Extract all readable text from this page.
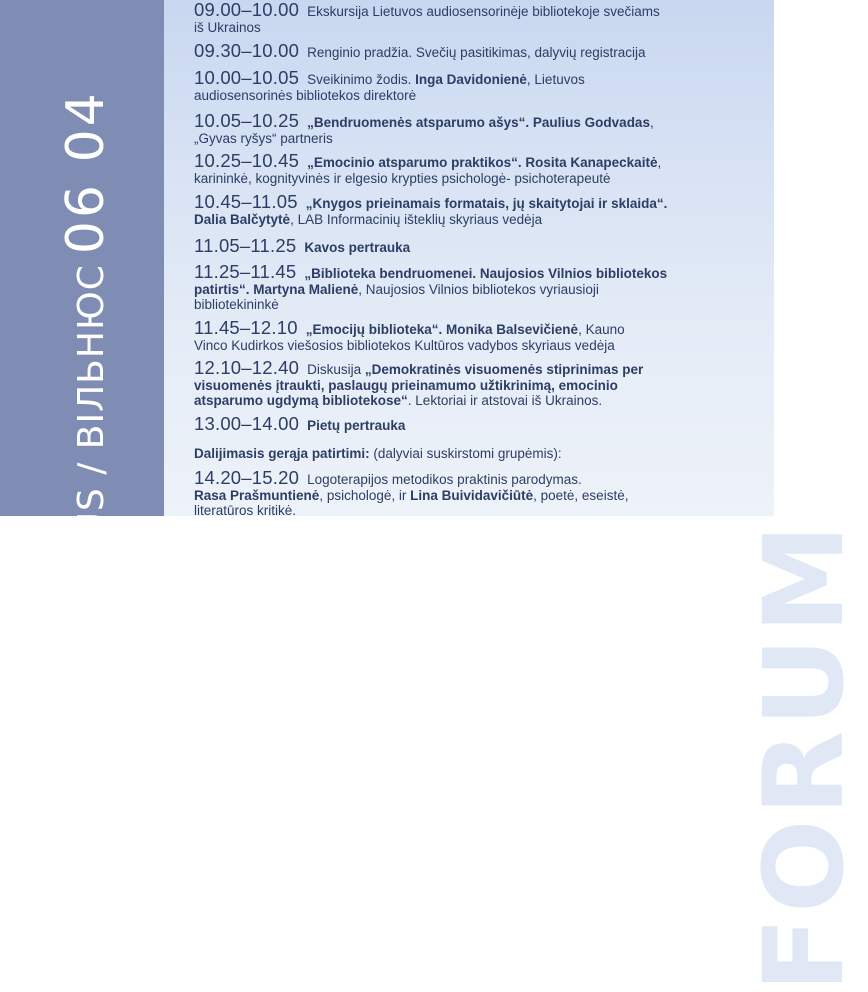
NIUS / ВІЛЬНЮС06 04
FORUM
09.00–10.00 Ekskursija Lietuvos audiosensorinėje bibliotekoje svečiams
iš Ukrainos
09.30–10.00 Renginio pradžia. Svečių pasitikimas, dalyvių registracija
10.00–10.05 Sveikinimo žodis. Inga Davidonienė, Lietuvos
audiosensorinės bibliotekos direktorė
10.05–10.25 „Bendruomenės atsparumo ašys“. Paulius Godvadas,
„Gyvas ryšys“ partneris
10.25–10.45 „Emocinio atsparumo praktikos“. Rosita Kanapeckaitė,
karininkė, kognityvinės ir elgesio krypties psichologė- psichoterapeutė
10.45–11.05 „Knygos prieinamais formatais, jų skaitytojai ir sklaida“.
Dalia Balčytytė, LAB Informacinių išteklių skyriaus vedėja
11.05–11.25 Kavos pertrauka
11.25–11.45 „Biblioteka bendruomenei. Naujosios Vilnios bibliotekos
patirtis“. Martyna Malienė, Naujosios Vilnios bibliotekos vyriausioji
bibliotekininkė
11.45–12.10 „Emocijų biblioteka“. Monika Balsevičienė, Kauno
Vinco Kudirkos viešosios bibliotekos Kultūros vadybos skyriaus vedėja
12.10–12.40 Diskusija „Demokratinės visuomenės stiprinimas per
visuomenės įtraukti, paslaugų prieinamumo užtikrinimą, emocinio
atsparumo ugdymą bibliotekose“. Lektoriai ir atstovai iš Ukrainos.
13.00–14.00 Pietų pertrauka
Dalijimasis gerąja patirtimi: (dalyviai suskirstomi grupėmis):
14.20–15.20 Logoterapijos metodikos praktinis parodymas.
Rasa Prašmuntienė, psichologė, ir Lina Buividavičiūtė, poetė, eseistė,
literatūros kritikė.
